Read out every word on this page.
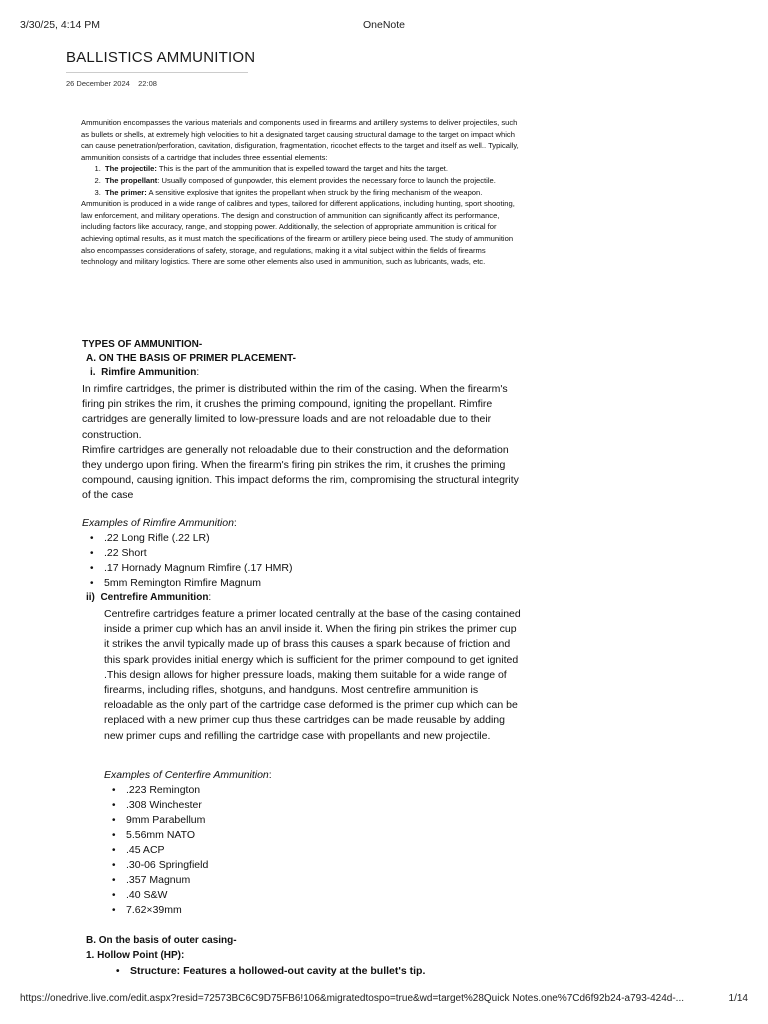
3/30/25, 4:14 PM	OneNote
BALLISTICS AMMUNITION
26 December 2024 22:08

Ammunition encompasses the various materials and components used in firearms and artillery systems to deliver projectiles, such as bullets or shells, at extremely high velocities to hit a designated target causing structural damage to the target on impact which can cause penetration/perforation, cavitation, disfiguration, fragmentation, ricochet effects to the target and itself as well.. Typically, ammunition consists of a cartridge that includes three essential elements:

1. The projectile: This is the part of the ammunition that is expelled toward the target and hits the target.
2. The propellant: Usually composed of gunpowder, this element provides the necessary force to launch the projectile.
3. The primer: A sensitive explosive that ignites the propellant when struck by the firing mechanism of the weapon.

Ammunition is produced in a wide range of calibres and types, tailored for different applications, including hunting, sport shooting, law enforcement, and military operations. The design and construction of ammunition can significantly affect its performance, including factors like accuracy, range, and stopping power. Additionally, the selection of appropriate ammunition is critical for achieving optimal results, as it must match the specifications of the firearm or artillery piece being used. The study of ammunition also encompasses considerations of safety, storage, and regulations, making it a vital subject within the fields of firearms technology and military logistics. There are some other elements also used in ammunition, such as lubricants, wads, etc.

TYPES OF AMMUNITION-

A. ON THE BASIS OF PRIMER PLACEMENT-

i. Rimfire Ammunition:

In rimfire cartridges, the primer is distributed within the rim of the casing. When the firearm's firing pin strikes the rim, it crushes the priming compound, igniting the propellant. Rimfire cartridges are generally limited to low-pressure loads and are not reloadable due to their construction.

Rimfire cartridges are generally not reloadable due to their construction and the deformation they undergo upon firing. When the firearm's firing pin strikes the rim, it crushes the priming compound, causing ignition. This impact deforms the rim, compromising the structural integrity of the case

Examples of Rimfire Ammunition:

• .22 Long Rifle (.22 LR)
• .22 Short
• .17 Hornady Magnum Rimfire (.17 HMR)
• 5mm Remington Rimfire Magnum

ii) Centrefire Ammunition:

Centrefire cartridges feature a primer located centrally at the base of the casing contained inside a primer cup which has an anvil inside it. When the firing pin strikes the primer cup it strikes the anvil typically made up of brass this causes a spark because of friction and this spark provides initial energy which is sufficient for the primer compound to get ignited .This design allows for higher pressure loads, making them suitable for a wide range of firearms, including rifles, shotguns, and handguns. Most centrefire ammunition is reloadable as the only part of the cartridge case deformed is the primer cup which can be replaced with a new primer cup thus these cartridges can be made reusable by adding new primer cups and refilling the cartridge case with propellants and new projectile.

Examples of Centerfire Ammunition:

• .223 Remington
• .308 Winchester
• 9mm Parabellum
• 5.56mm NATO
• .45 ACP
• .30-06 Springfield
• .357 Magnum
• .40 S&W
• 7.62×39mm

B. On the basis of outer casing-

1. Hollow Point (HP):

• Structure: Features a hollowed-out cavity at the bullet's tip.
https://onedrive.live.com/edit.aspx?resid=72573BC6C9D75FB6!106&migratedtospo=true&wd=target%28Quick Notes.one%7Cd6f92b24-a793-424d-...	1/14
